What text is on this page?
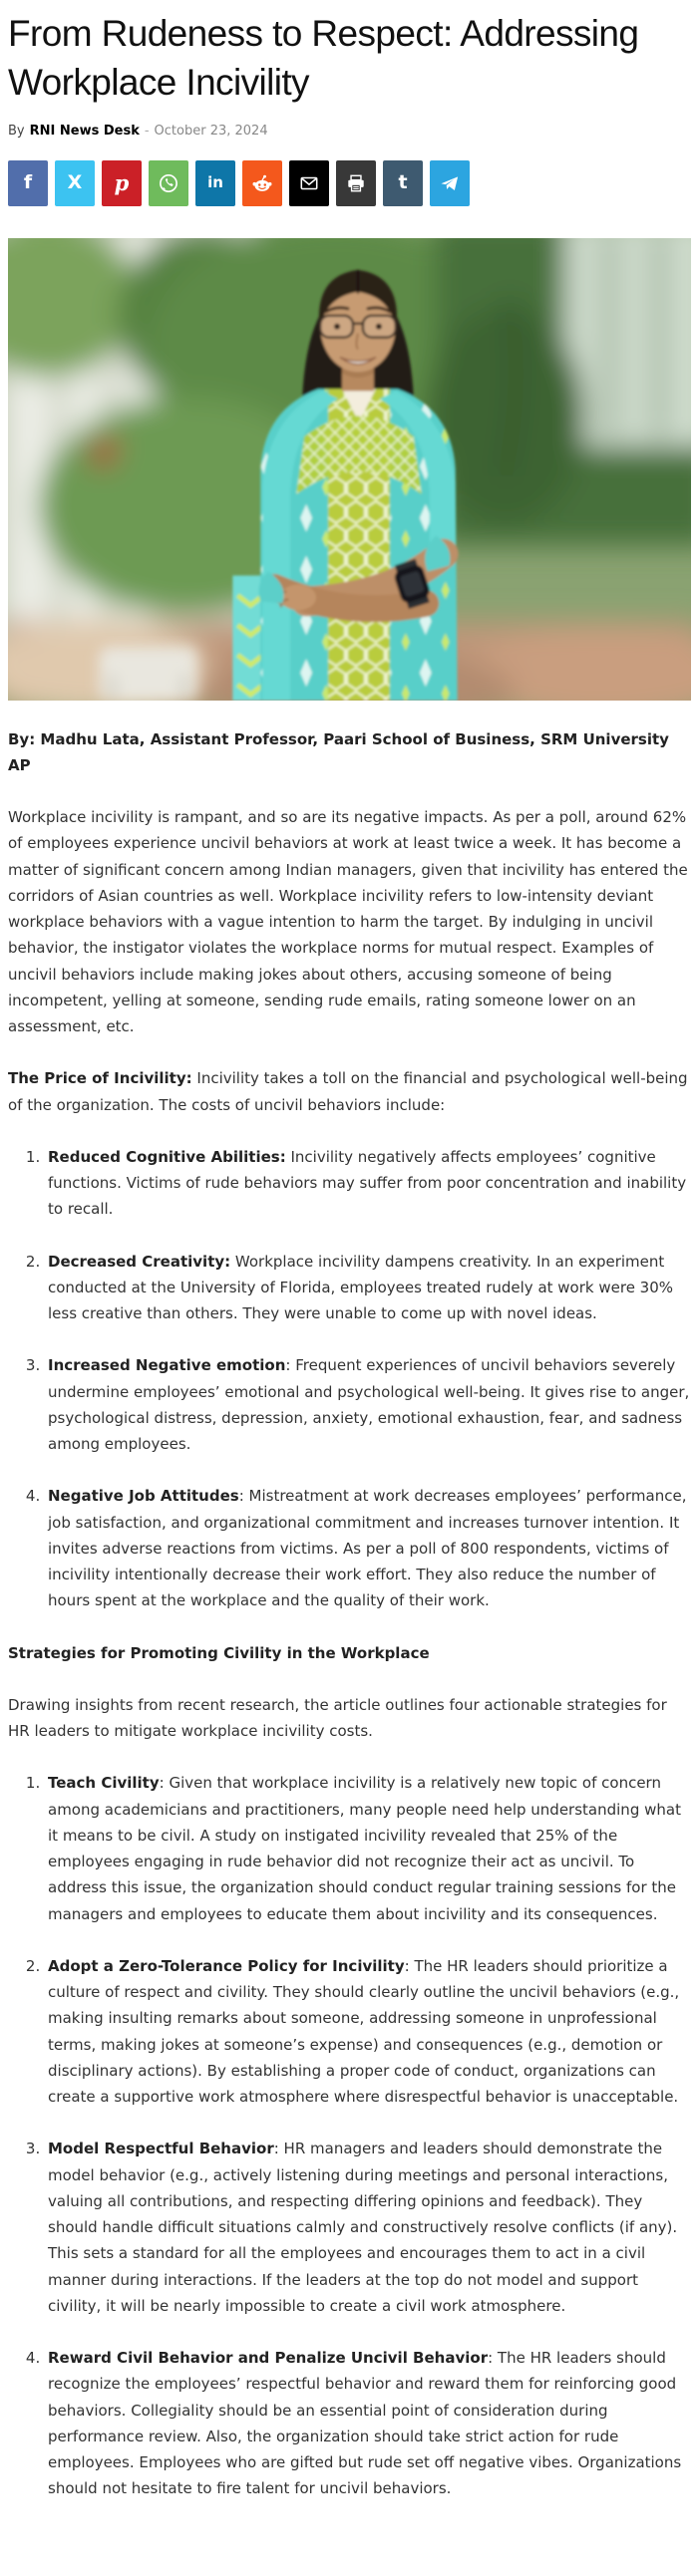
From Rudeness to Respect: Addressing Workplace Incivility
By RNI News Desk - October 23, 2024
f X p	in	t

By: Madhu Lata, Assistant Professor, Paari School of Business, SRM University AP

Workplace incivility is rampant, and so are its negative impacts. As per a poll, around 62% of employees experience uncivil behaviors at work at least twice a week. It has become a matter of significant concern among Indian managers, given that incivility has entered the corridors of Asian countries as well. Workplace incivility refers to low-intensity deviant workplace behaviors with a vague intention to harm the target. By indulging in uncivil behavior, the instigator violates the workplace norms for mutual respect. Examples of uncivil behaviors include making jokes about others, accusing someone of being incompetent, yelling at someone, sending rude emails, rating someone lower on an assessment, etc.

The Price of Incivility: Incivility takes a toll on the financial and psychological well-being of the organization. The costs of uncivil behaviors include:

1. Reduced Cognitive Abilities: Incivility negatively affects employees’ cognitive functions. Victims of rude behaviors may suffer from poor concentration and inability to recall.
2. Decreased Creativity: Workplace incivility dampens creativity. In an experiment conducted at the University of Florida, employees treated rudely at work were 30% less creative than others. They were unable to come up with novel ideas.
3. Increased Negative emotion: Frequent experiences of uncivil behaviors severely undermine employees’ emotional and psychological well-being. It gives rise to anger, psychological distress, depression, anxiety, emotional exhaustion, fear, and sadness among employees.
4. Negative Job Attitudes: Mistreatment at work decreases employees’ performance, job satisfaction, and organizational commitment and increases turnover intention. It invites adverse reactions from victims. As per a poll of 800 respondents, victims of incivility intentionally decrease their work effort. They also reduce the number of hours spent at the workplace and the quality of their work.

Strategies for Promoting Civility in the Workplace

Drawing insights from recent research, the article outlines four actionable strategies for HR leaders to mitigate workplace incivility costs.

1. Teach Civility: Given that workplace incivility is a relatively new topic of concern among academicians and practitioners, many people need help understanding what it means to be civil. A study on instigated incivility revealed that 25% of the employees engaging in rude behavior did not recognize their act as uncivil. To address this issue, the organization should conduct regular training sessions for the managers and employees to educate them about incivility and its consequences.
2. Adopt a Zero-Tolerance Policy for Incivility: The HR leaders should prioritize a culture of respect and civility. They should clearly outline the uncivil behaviors (e.g., making insulting remarks about someone, addressing someone in unprofessional terms, making jokes at someone’s expense) and consequences (e.g., demotion or disciplinary actions). By establishing a proper code of conduct, organizations can create a supportive work atmosphere where disrespectful behavior is unacceptable.
3. Model Respectful Behavior: HR managers and leaders should demonstrate the model behavior (e.g., actively listening during meetings and personal interactions, valuing all contributions, and respecting differing opinions and feedback). They should handle difficult situations calmly and constructively resolve conflicts (if any). This sets a standard for all the employees and encourages them to act in a civil manner during interactions. If the leaders at the top do not model and support civility, it will be nearly impossible to create a civil work atmosphere.
4. Reward Civil Behavior and Penalize Uncivil Behavior: The HR leaders should recognize the employees’ respectful behavior and reward them for reinforcing good behaviors. Collegiality should be an essential point of consideration during performance review. Also, the organization should take strict action for rude employees. Employees who are gifted but rude set off negative vibes. Organizations should not hesitate to fire talent for uncivil behaviors.
